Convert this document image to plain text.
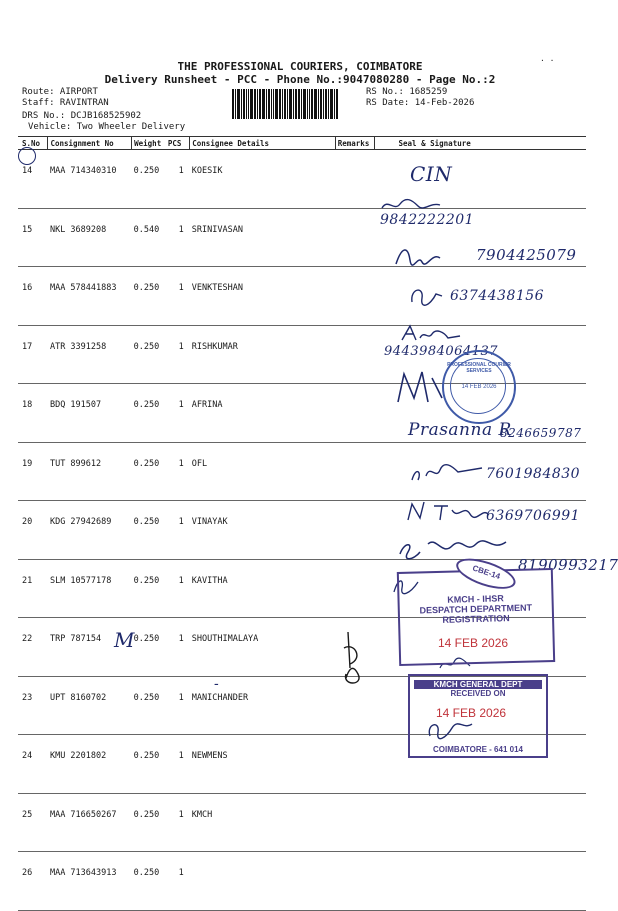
THE PROFESSIONAL COURIERS, COIMBATORE
Delivery Runsheet - PCC - Phone No.:9047080280 - Page No.:2
· ·
Route: AIRPORT
Staff: RAVINTRAN
DRS No.: DCJB168525902
Vehicle: Two Wheeler Delivery
RS No.: 1685259
RS Date: 14-Feb-2026
S.No	Consignment No	Weight	PCS	Consignee Details	Remarks	Seal & Signature
14	MAA 714340310	0.250	1	KOESIK		
15	NKL 3689208	0.540	1	SRINIVASAN		
16	MAA 578441883	0.250	1	VENKTESHAN		
17	ATR 3391258	0.250	1	RISHKUMAR		
18	BDQ 191507	0.250	1	AFRINA		
19	TUT 899612	0.250	1	OFL		
20	KDG 27942689	0.250	1	VINAYAK		
21	SLM 10577178	0.250	1	KAVITHA		
22	TRP 787154	0.250	1	SHOUTHIMALAYA		
23	UPT 8160702	0.250	1	MANICHANDER		
24	KMU 2201802	0.250	1	NEWMENS		
25	MAA 716650267	0.250	1	KMCH		
26	MAA 713643913	0.250	1			
CIN
9842222201
7904425079
6374438156
9443984064137
Prasanna R
8246659787
7601984830
6369706991
8190993217
M
-
PROFESSIONAL COURIER SERVICES
14 FEB 2026
CBE-14
KMCH - IHSR
DESPATCH DEPARTMENT
REGISTRATION
14 FEB 2026
KMCH GENERAL DEPT
RECEIVED ON
COIMBATORE - 641 014
14 FEB 2026
